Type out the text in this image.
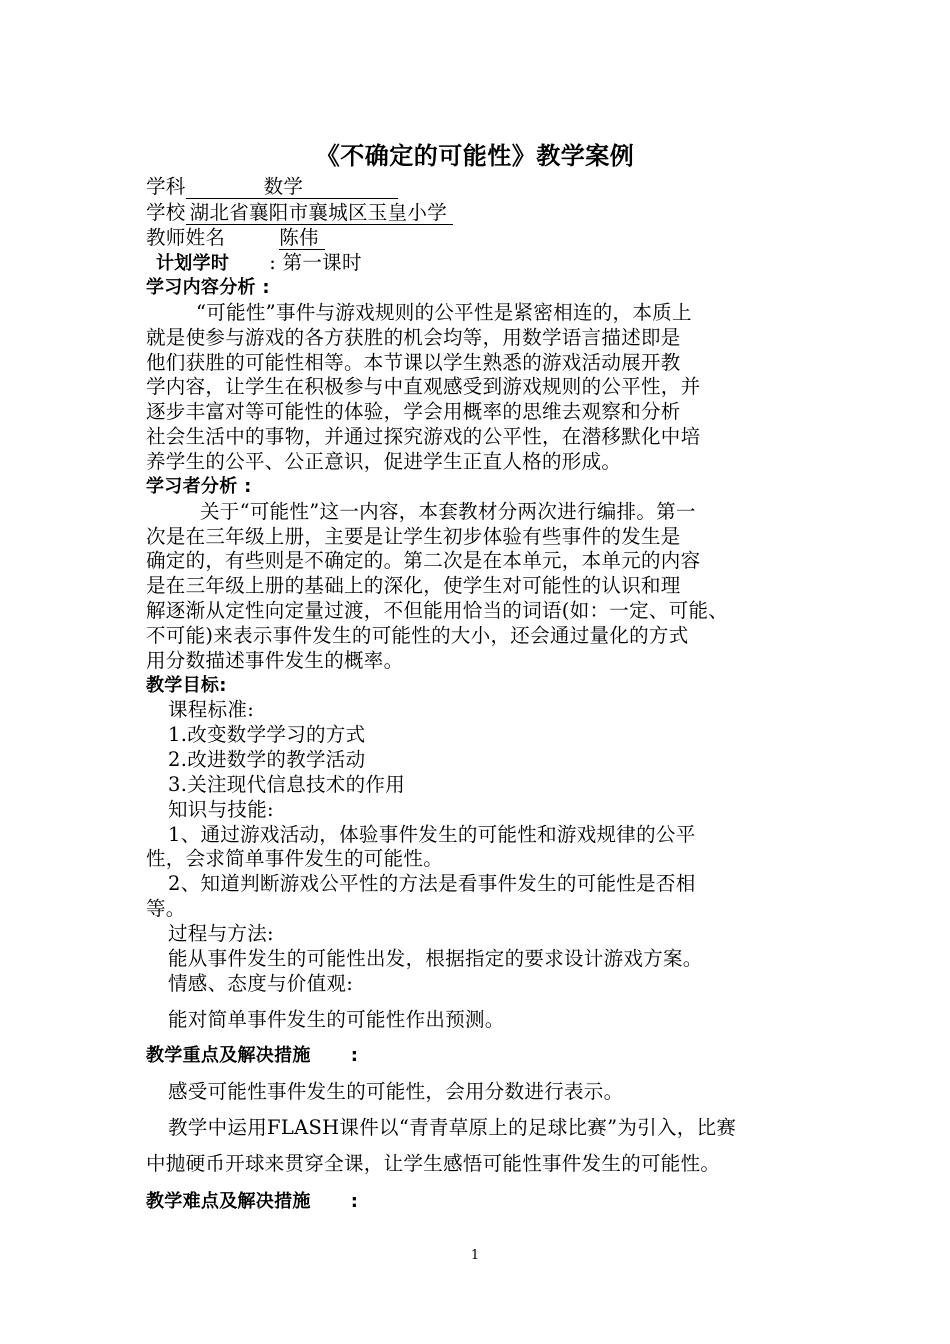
《不确定的可能性》教学案例
学科	数学
学校 湖北省襄阳市襄城区玉皇小学
教师姓名	陈伟
计划学时 : 第一课时
学习内容分析 :
“可能性”事件与游戏规则的公平性是紧密相连的，本质上
就是使参与游戏的各方获胜的机会均等，用数学语言描述即是
他们获胜的可能性相等。本节课以学生熟悉的游戏活动展开教
学内容，让学生在积极参与中直观感受到游戏规则的公平性，并
逐步丰富对等可能性的体验，学会用概率的思维去观察和分析
社会生活中的事物，并通过探究游戏的公平性，在潜移默化中培
养学生的公平、公正意识，促进学生正直人格的形成。
学习者分析 :
关于“可能性”这一内容，本套教材分两次进行编排。第一
次是在三年级上册，主要是让学生初步体验有些事件的发生是
确定的，有些则是不确定的。第二次是在本单元，本单元的内容
是在三年级上册的基础上的深化，使学生对可能性的认识和理
解逐渐从定性向定量过渡，不但能用恰当的词语(如：一定、可能、
不可能)来表示事件发生的可能性的大小，还会通过量化的方式
用分数描述事件发生的概率。
教学目标:
课程标准:
1.改变数学学习的方式
2.改进数学的教学活动
3.关注现代信息技术的作用
知识与技能:
1、通过游戏活动，体验事件发生的可能性和游戏规律的公平
性，会求简单事件发生的可能性。
2、知道判断游戏公平性的方法是看事件发生的可能性是否相
等。
过程与方法:
能从事件发生的可能性出发，根据指定的要求设计游戏方案。
情感、态度与价值观:
能对简单事件发生的可能性作出预测。
教学重点及解决措施 :
感受可能性事件发生的可能性，会用分数进行表示。
教学中运用FLASH课件以“青青草原上的足球比赛”为引入，比赛
中抛硬币开球来贯穿全课，让学生感悟可能性事件发生的可能性。
教学难点及解决措施 :
1
